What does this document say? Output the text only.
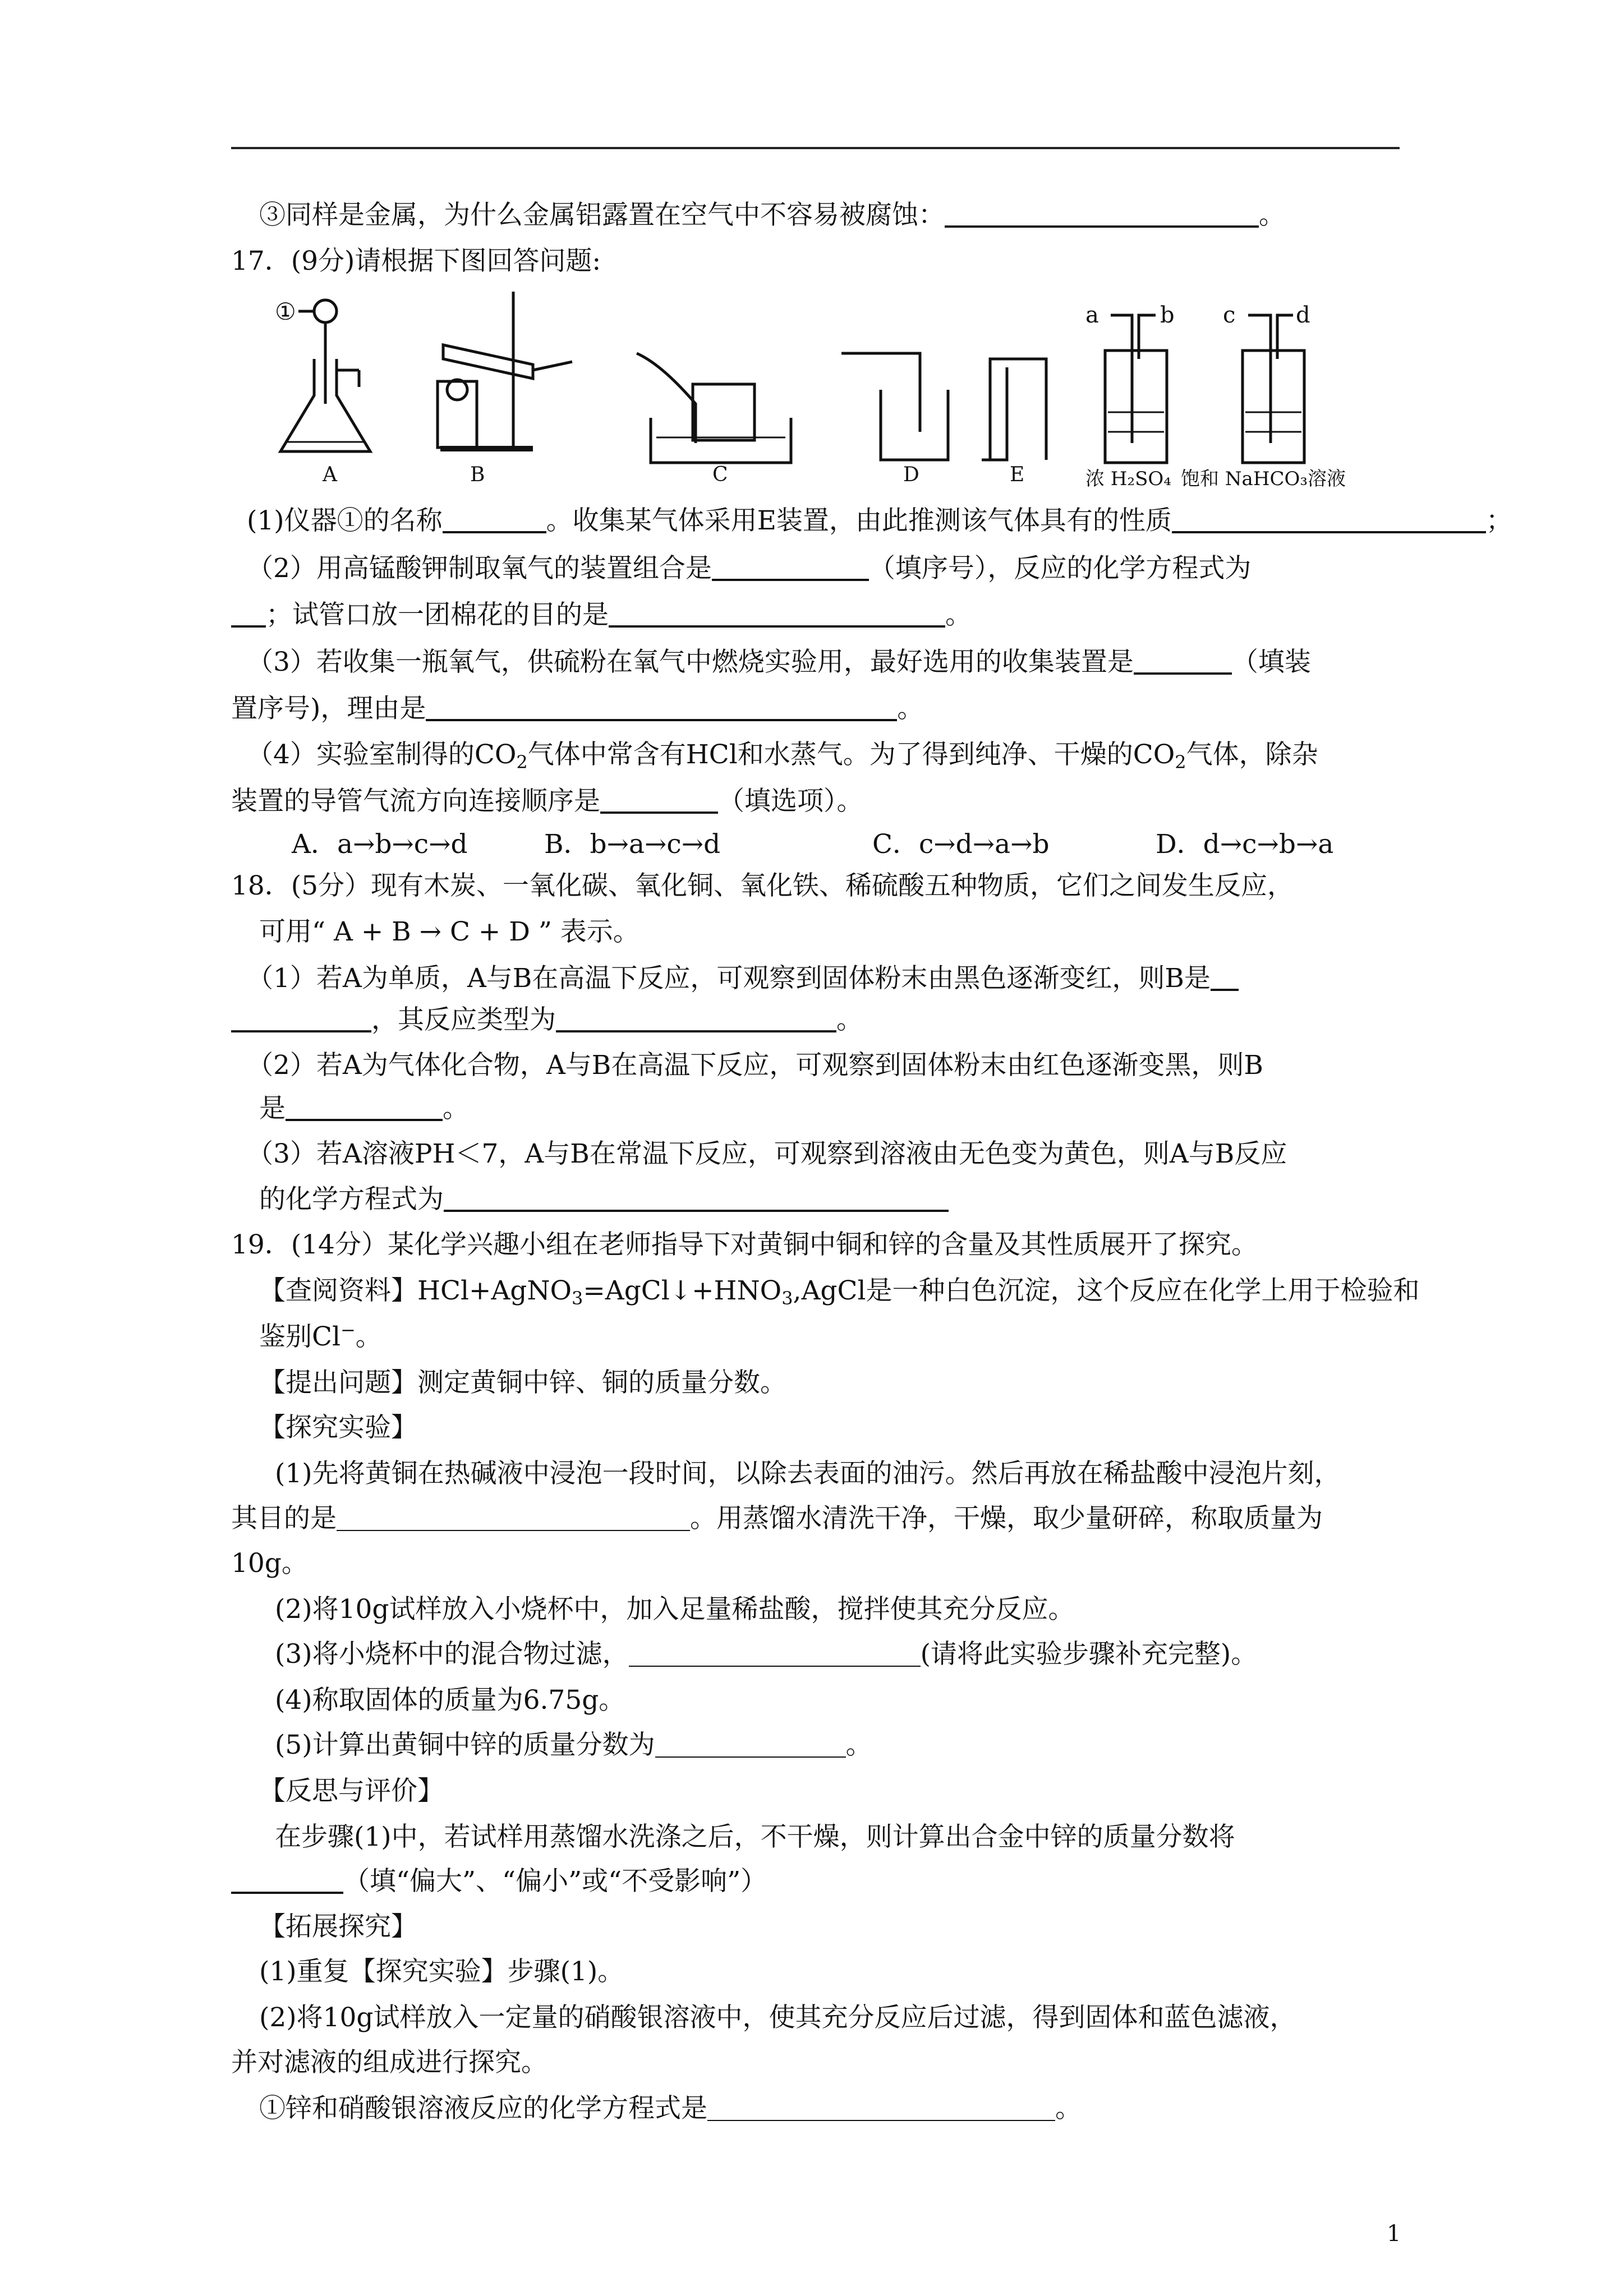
③同样是金属，为什么金属铝露置在空气中不容易被腐蚀：	。
17．(9分)请根据下图回答问题:
①
A	B	C	D	E
a	b
浓 H₂SO₄
c	d
饱和 NaHCO₃溶液
(1)仪器①的名称	。收集某气体采用E装置，由此推测该气体具有的性质	；
（2）用高锰酸钾制取氧气的装置组合是	（填序号），反应的化学方程式为
；试管口放一团棉花的目的是	。
（3）若收集一瓶氧气，供硫粉在氧气中燃烧实验用，最好选用的收集装置是	（填装
置序号)，理由是	。
（4）实验室制得的$CO_2$气体中常含有HCl和水蒸气。为了得到纯净、干燥的$CO_2$气体，除杂
装置的导管气流方向连接顺序是	（填选项）。
A．a→b→c→d	B．b→a→c→d	C．c→d→a→b	D．d→c→b→a
18．(5分）现有木炭、一氧化碳、氧化铜、氧化铁、稀硫酸五种物质，它们之间发生反应，
可用“ A + B → C + D ” 表示。
（1）若A为单质，A与B在高温下反应，可观察到固体粉末由黑色逐渐变红，则B是
，其反应类型为	。
（2）若A为气体化合物，A与B在高温下反应，可观察到固体粉末由红色逐渐变黑，则B
是	。
（3）若A溶液PH＜7，A与B在常温下反应，可观察到溶液由无色变为黄色，则A与B反应
的化学方程式为
19．(14分）某化学兴趣小组在老师指导下对黄铜中铜和锌的含量及其性质展开了探究。
【查阅资料】$HCl+AgNO_3=AgCl↓+HNO_3,AgCl$是一种白色沉淀，这个反应在化学上用于检验和
鉴别Cl−。
【提出问题】测定黄铜中锌、铜的质量分数。
【探究实验】
(1)先将黄铜在热碱液中浸泡一段时间，以除去表面的油污。然后再放在稀盐酸中浸泡片刻，
其目的是	。用蒸馏水清洗干净，干燥，取少量研碎，称取质量为
10g。
(2)将10g试样放入小烧杯中，加入足量稀盐酸，搅拌使其充分反应。
(3)将小烧杯中的混合物过滤，	(请将此实验步骤补充完整)。
(4)称取固体的质量为6.75g。
(5)计算出黄铜中锌的质量分数为	。
【反思与评价】
在步骤(1)中，若试样用蒸馏水洗涤之后，不干燥，则计算出合金中锌的质量分数将
（填“偏大”、“偏小”或“不受影响”）
【拓展探究】
(1)重复【探究实验】步骤(1)。
(2)将10g试样放入一定量的硝酸银溶液中，使其充分反应后过滤，得到固体和蓝色滤液，
并对滤液的组成进行探究。
①锌和硝酸银溶液反应的化学方程式是	。
1
